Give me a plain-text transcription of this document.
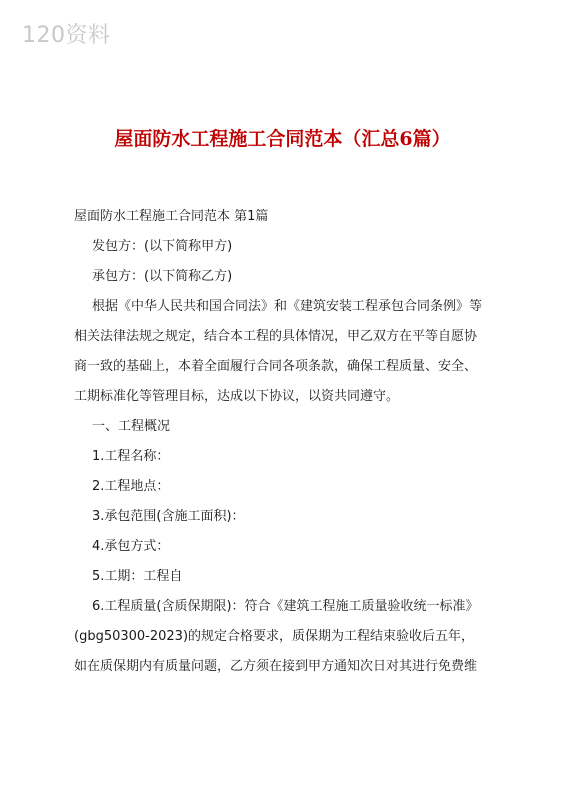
120资料
屋面防水工程施工合同范本（汇总6篇）
屋面防水工程施工合同范本 第1篇
发包方：(以下简称甲方)
承包方：(以下简称乙方)
根据《中华人民共和国合同法》和《建筑安装工程承包合同条例》等
相关法律法规之规定，结合本工程的具体情况，甲乙双方在平等自愿协
商一致的基础上，本着全面履行合同各项条款，确保工程质量、安全、
工期标准化等管理目标，达成以下协议，以资共同遵守。
一、工程概况
1.工程名称：
2.工程地点：
3.承包范围(含施工面积)：
4.承包方式：
5.工期：工程自
6.工程质量(含质保期限)：符合《建筑工程施工质量验收统一标准》
(gbg50300-2023)的规定合格要求，质保期为工程结束验收后五年，
如在质保期内有质量问题，乙方须在接到甲方通知次日对其进行免费维
